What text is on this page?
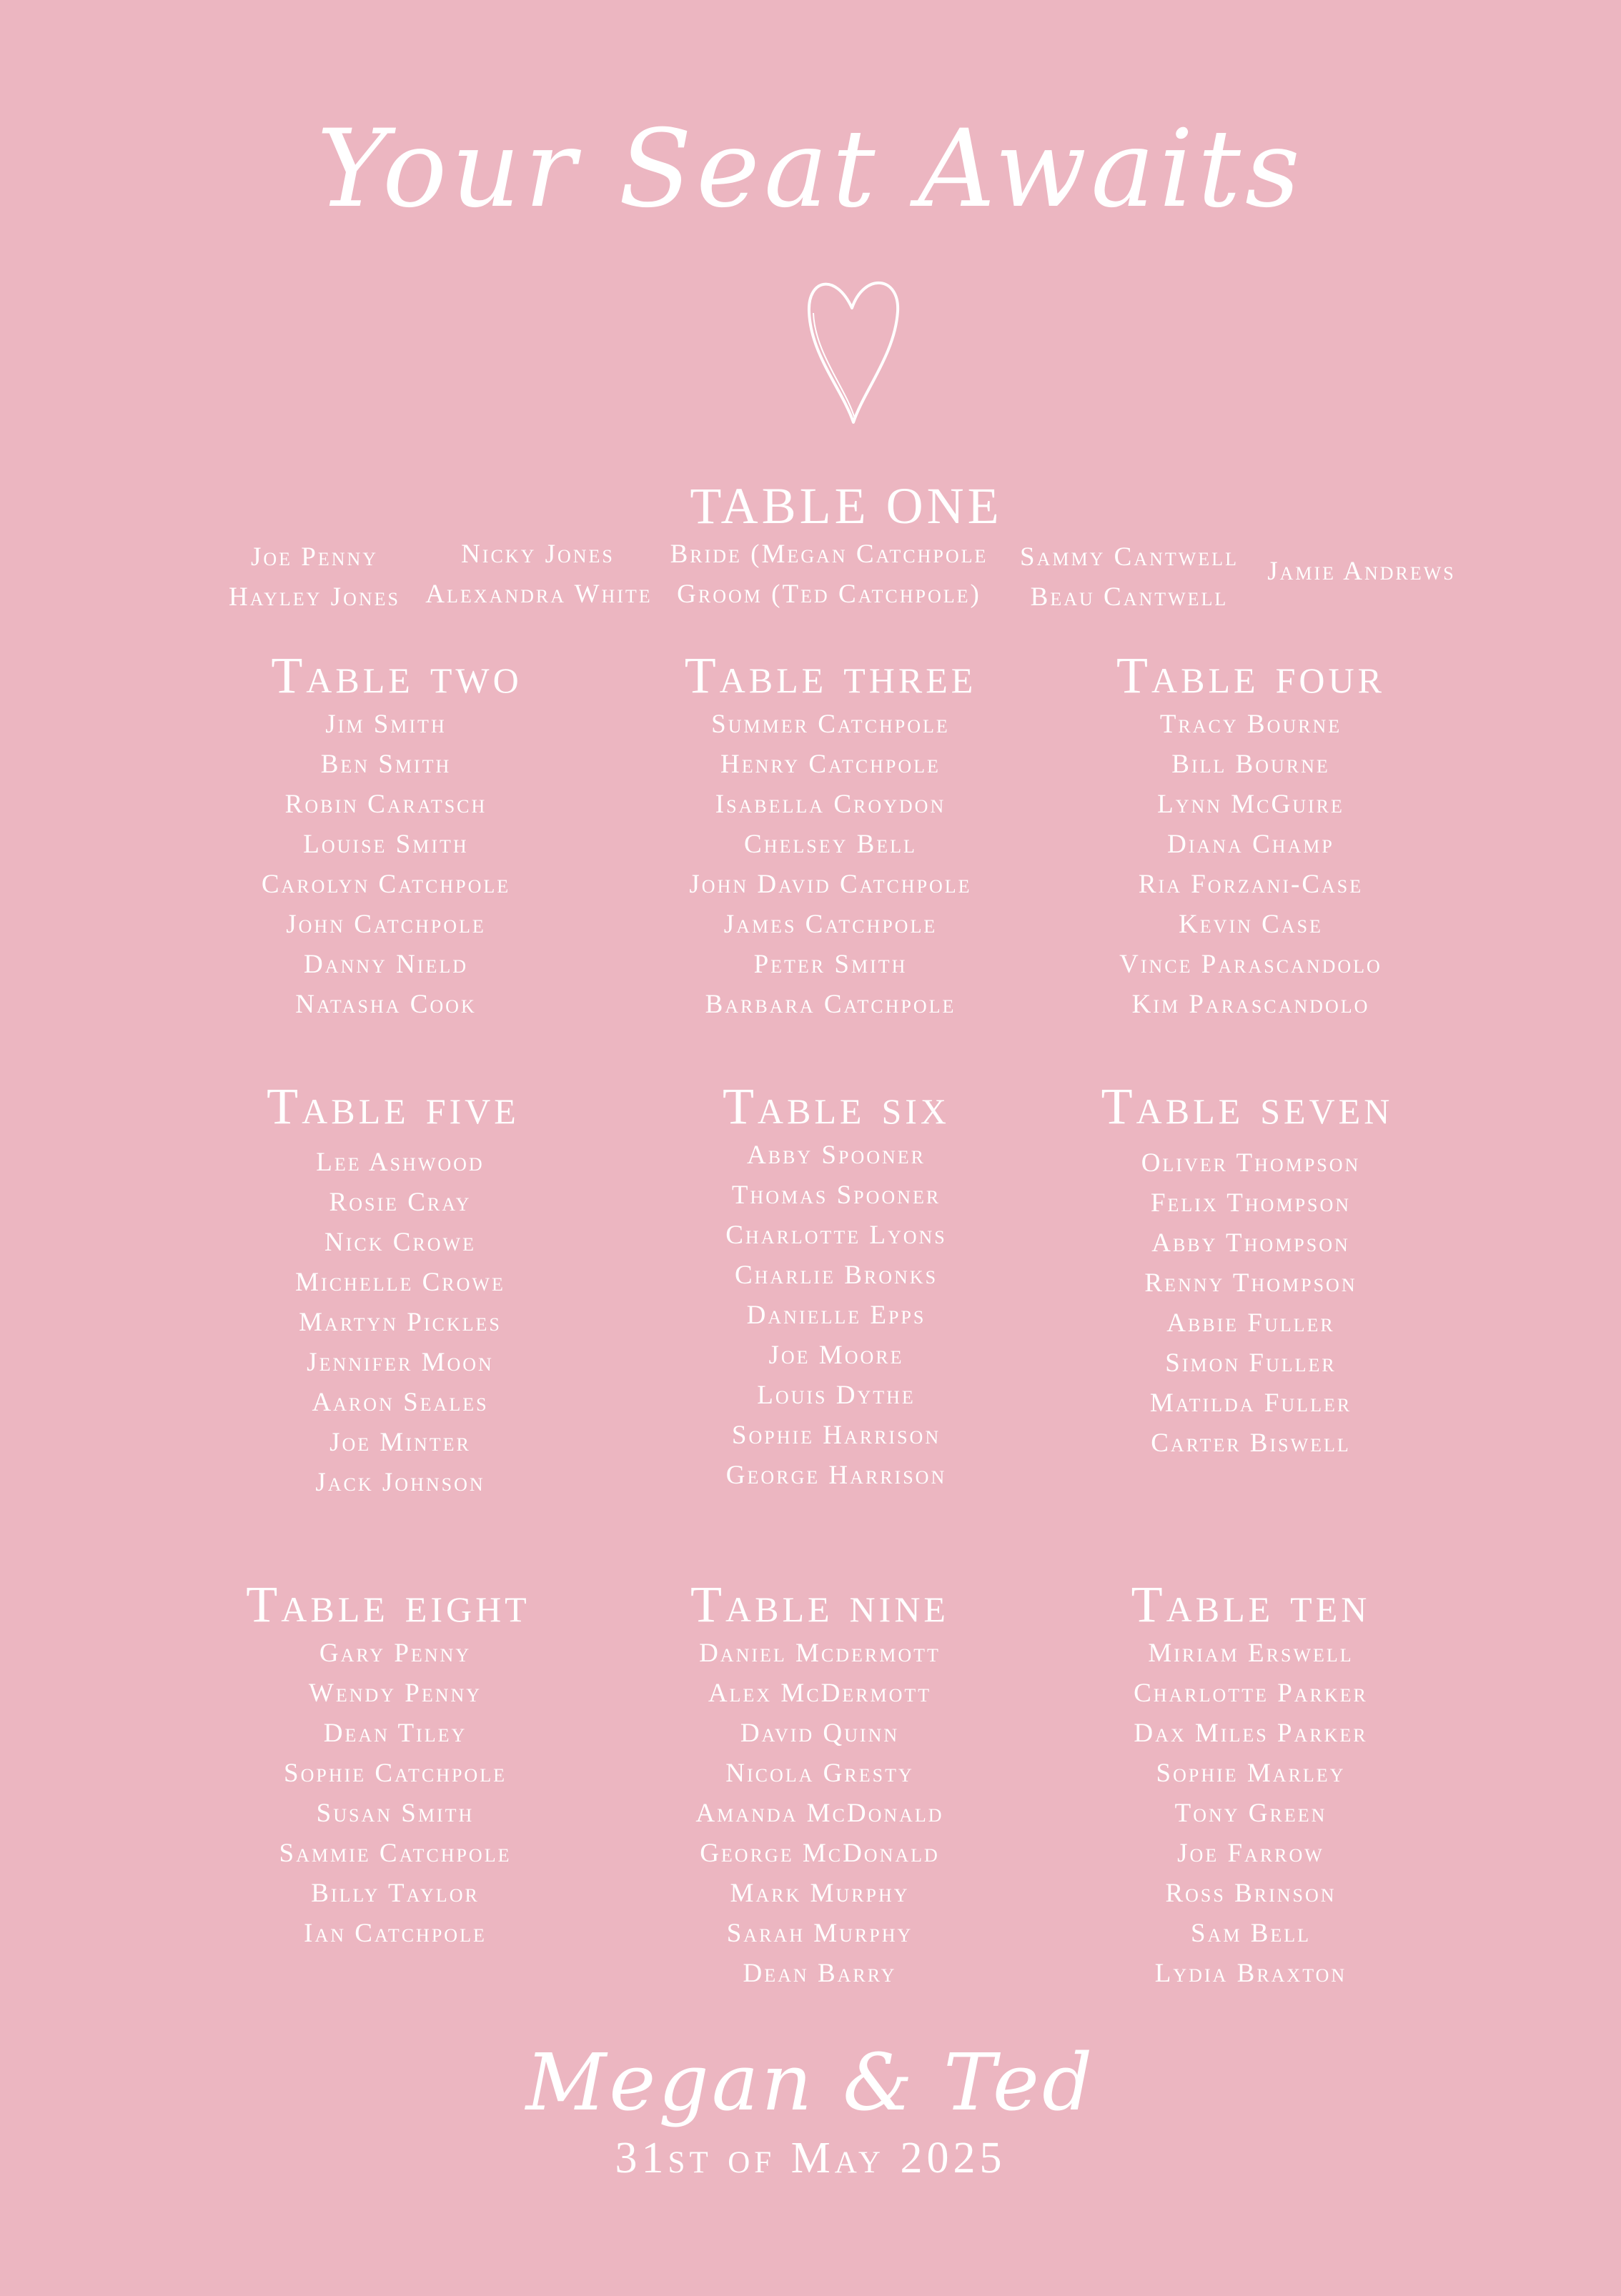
Your Seat Awaits
TABLE ONE
Joe Penny
Hayley Jones
Nicky Jones
Alexandra White
Bride (Megan Catchpole
Groom (Ted Catchpole)
Sammy Cantwell
Beau Cantwell
Jamie Andrews
Table two
Jim Smith
Ben Smith
Robin Caratsch
Louise Smith
Carolyn Catchpole
John Catchpole
Danny Nield
Natasha Cook
Table three
Summer Catchpole
Henry Catchpole
Isabella Croydon
Chelsey Bell
John David Catchpole
James Catchpole
Peter Smith
Barbara Catchpole
Table four
Tracy Bourne
Bill Bourne
Lynn McGuire
Diana Champ
Ria Forzani-Case
Kevin Case
Vince Parascandolo
Kim Parascandolo
Table five
Lee Ashwood
Rosie Cray
Nick Crowe
Michelle Crowe
Martyn Pickles
Jennifer Moon
Aaron Seales
Joe Minter
Jack Johnson
Table six
Abby Spooner
Thomas Spooner
Charlotte Lyons
Charlie Bronks
Danielle Epps
Joe Moore
Louis Dythe
Sophie Harrison
George Harrison
Table seven
Oliver Thompson
Felix Thompson
Abby Thompson
Renny Thompson
Abbie Fuller
Simon Fuller
Matilda Fuller
Carter Biswell
Table eight
Gary Penny
Wendy Penny
Dean Tiley
Sophie Catchpole
Susan Smith
Sammie Catchpole
Billy Taylor
Ian Catchpole
Table nine
Daniel Mcdermott
Alex McDermott
David Quinn
Nicola Gresty
Amanda McDonald
George McDonald
Mark Murphy
Sarah Murphy
Dean Barry
Table ten
Miriam Erswell
Charlotte Parker
Dax Miles Parker
Sophie Marley
Tony Green
Joe Farrow
Ross Brinson
Sam Bell
Lydia Braxton
Megan & Ted
31st of May 2025
